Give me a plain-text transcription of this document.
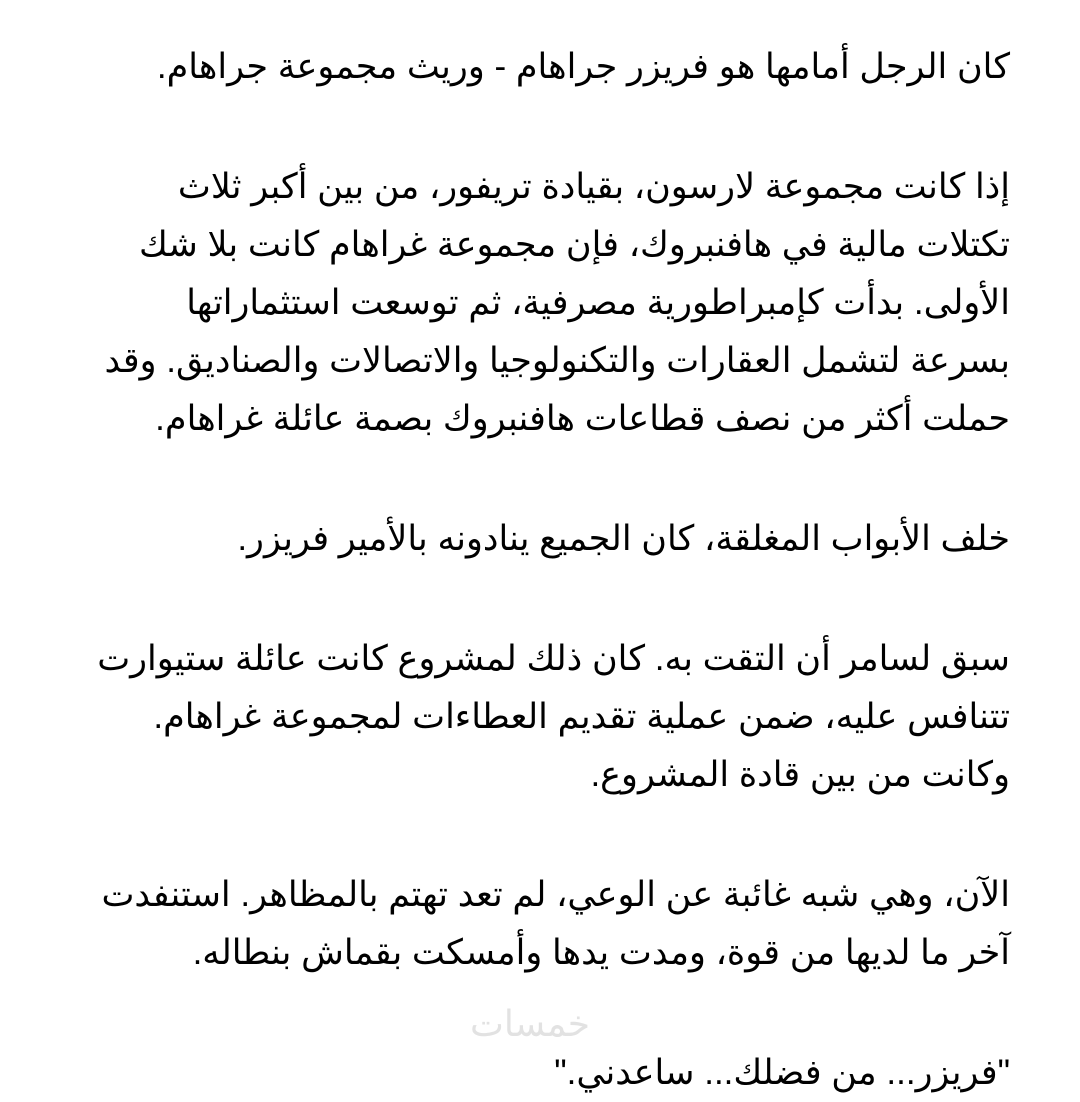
كان الرجل أمامها هو فريزر جراهام - وريث مجموعة جراهام.

إذا كانت مجموعة لارسون، بقيادة تريفور، من بين أكبر ثلاث تكتلات مالية في هافنبروك، فإن مجموعة غراهام كانت بلا شك الأولى. بدأت كإمبراطورية مصرفية، ثم توسعت استثماراتها بسرعة لتشمل العقارات والتكنولوجيا والاتصالات والصناديق. وقد حملت أكثر من نصف قطاعات هافنبروك بصمة عائلة غراهام.

خلف الأبواب المغلقة، كان الجميع ينادونه بالأمير فريزر.

سبق لسامر أن التقت به. كان ذلك لمشروع كانت عائلة ستيوارت تتنافس عليه، ضمن عملية تقديم العطاءات لمجموعة غراهام. وكانت من بين قادة المشروع.

الآن، وهي شبه غائبة عن الوعي، لم تعد تهتم بالمظاهر. استنفدت آخر ما لديها من قوة، ومدت يدها وأمسكت بقماش بنطاله.

"فريزر... من فضلك... ساعدني."

خمسات
